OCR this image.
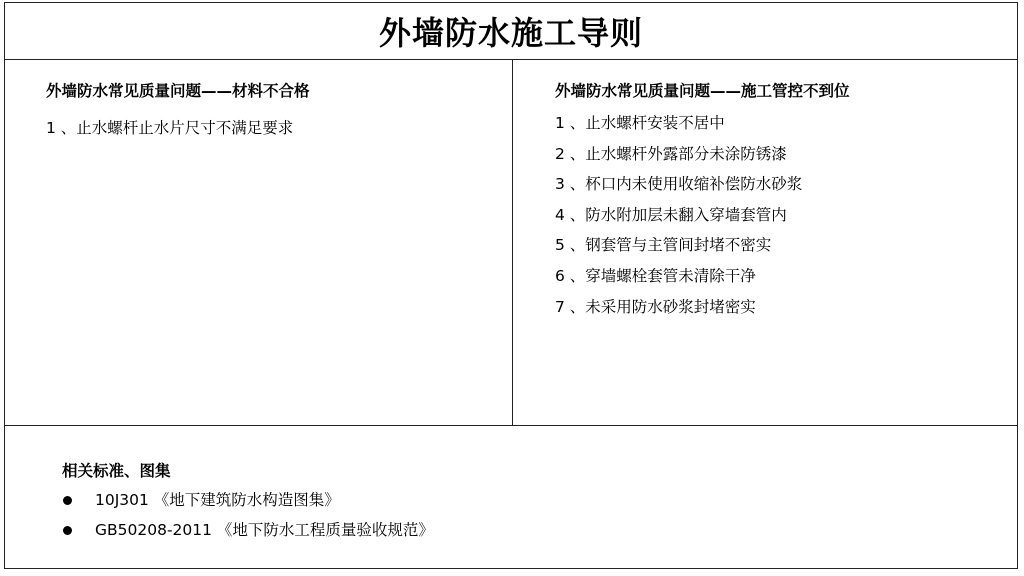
外墙防水施工导则
外墙防水常见质量问题——材料不合格
1 、止水螺杆止水片尺寸不满足要求
外墙防水常见质量问题——施工管控不到位
1 、止水螺杆安装不居中
2 、止水螺杆外露部分未涂防锈漆
3 、杯口内未使用收缩补偿防水砂浆
4 、防水附加层未翻入穿墙套管内
5 、钢套管与主管间封堵不密实
6 、穿墙螺栓套管未清除干净
7 、未采用防水砂浆封堵密实
相关标准、图集
10J301 《地下建筑防水构造图集》
GB50208-2011 《地下防水工程质量验收规范》
